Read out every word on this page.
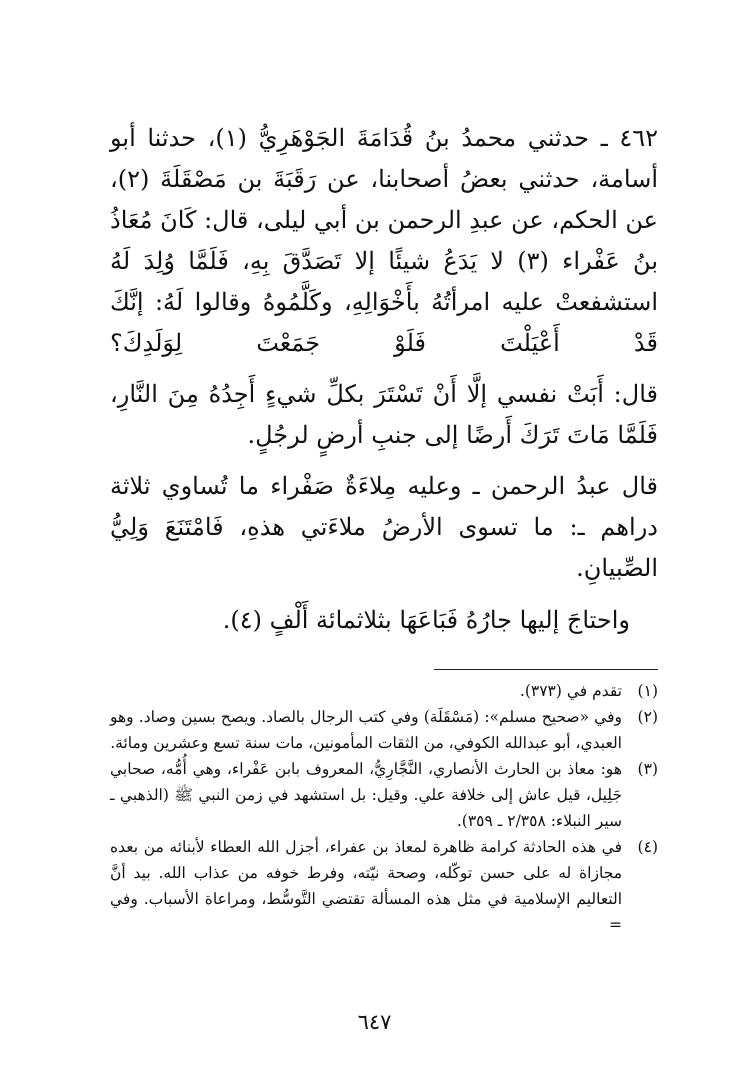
٤٦٢ ـ حدثني محمدُ بنُ قُدَامَةَ الجَوْهَرِيُّ (١)، حدثنا أبو أسامة، حدثني بعضُ أصحابنا، عن رَقَبَةَ بن مَصْقَلَةَ (٢)، عن الحكم، عن عبدِ الرحمن بن أبي ليلى، قال: كَانَ مُعَاذُ بنُ عَفْراء (٣) لا يَدَعُ شيئًا إلا تَصَدَّقَ بِهِ، فَلَمَّا وُلِدَ لَهُ استشفعتْ عليه امرأتُهُ بأَخْوَالِهِ، وكَلَّمُوهُ وقالوا لَهُ: إنَّكَ قَدْ أَعْيَلْتَ فَلَوْ جَمَعْتَ لِوَلَدِكَ؟

قال: أَبَتْ نفسي إلَّا أَنْ تَسْتَرَ بكلِّ شيءٍ أَجِدُهُ مِنَ النَّارِ، فَلَمَّا مَاتَ تَرَكَ أَرضًا إلى جنبِ أرضٍ لرجُلٍ.

قال عبدُ الرحمن ـ وعليه مِلاءَةٌ صَفْراء ما تُساوي ثلاثة دراهم ـ: ما تسوى الأرضُ ملاءَتي هذهِ، فَامْتَنَعَ وَلِيُّ الصِّبيانِ.

واحتاجَ إليها جارُهُ فَبَاعَهَا بثلاثمائة أَلْفٍ (٤).

(١)
تقدم في (٣٧٣).

(٢)
وفي «صحيح مسلم»: (مَسْقَلَة) وفي كتب الرجال بالصاد. ويصح بسين وصاد. وهو العبدي، أبو عبدالله الكوفي، من الثقات المأمونين، مات سنة تسع وعشرين ومائة.

(٣)
هو: معاذ بن الحارث الأنصاري، النَّجَّارِيُّ، المعروف بابن عَفْراء، وهي أُمُّه، صحابي جَلِيل، قيل عاش إلى خلافة علي. وقيل: بل استشهد في زمن النبي ﷺ (الذهبي ـ سير النبلاء: ٢/٣٥٨ ـ ٣٥٩).

(٤)
في هذه الحادثة كرامة ظاهرة لمعاذ بن عفراء، أجزل الله العطاء لأبنائه من بعده مجازاة له على حسن توكّله، وصحة نيّته، وفرط خوفه من عذاب الله. بيد أنَّ التعاليم الإسلامية في مثل هذه المسألة تقتضي التَّوسُّط، ومراعاة الأسباب. وفي =

٦٤٧
